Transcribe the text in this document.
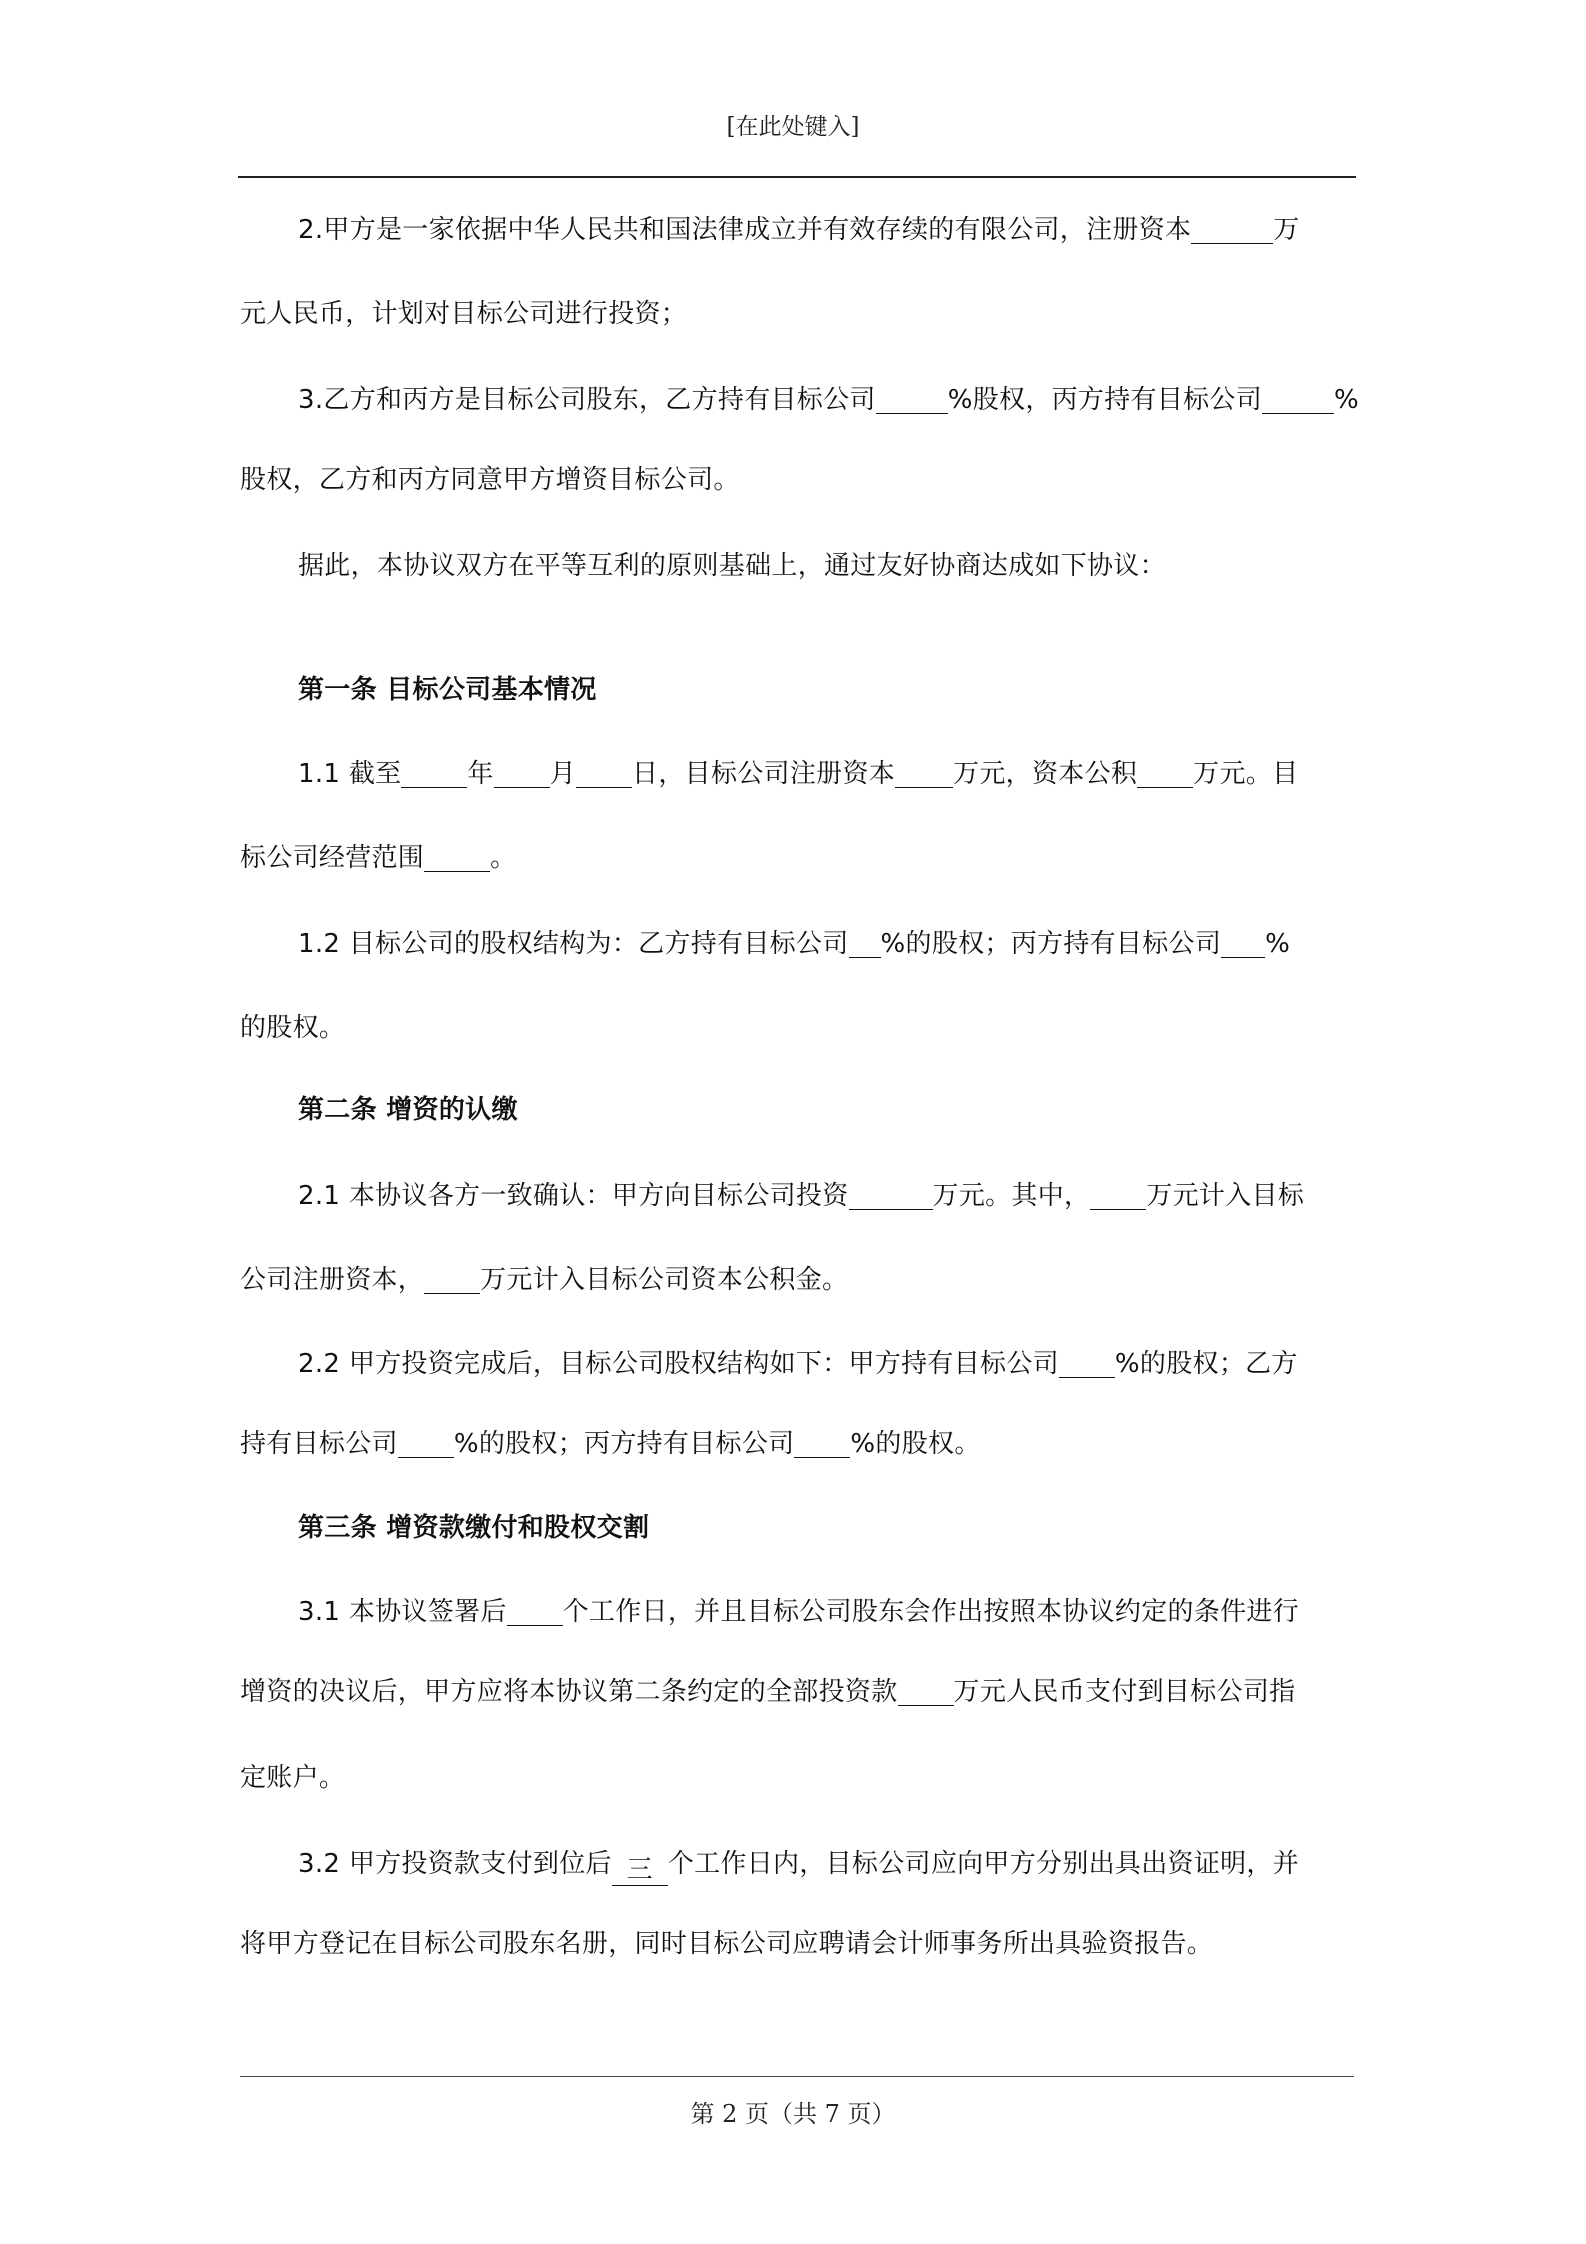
[在此处键入]
2.甲方是一家依据中华人民共和国法律成立并有效存续的有限公司，注册资本	万
元人民币，计划对目标公司进行投资；
3.乙方和丙方是目标公司股东，乙方持有目标公司	%股权，丙方持有目标公司	%
股权，乙方和丙方同意甲方增资目标公司。
据此，本协议双方在平等互利的原则基础上，通过友好协商达成如下协议：
第一条 目标公司基本情况
1.1 截至	年 月 日，目标公司注册资本 万元，资本公积 万元。目
标公司经营范围	。
1.2 目标公司的股权结构为：乙方持有目标公司 %的股权；丙方持有目标公司 %
的股权。
第二条 增资的认缴
2.1 本协议各方一致确认：甲方向目标公司投资	万元。其中， 万元计入目标
公司注册资本， 万元计入目标公司资本公积金。
2.2 甲方投资完成后，目标公司股权结构如下：甲方持有目标公司 %的股权；乙方
持有目标公司 %的股权；丙方持有目标公司 %的股权。
第三条 增资款缴付和股权交割
3.1 本协议签署后 个工作日，并且目标公司股东会作出按照本协议约定的条件进行
增资的决议后，甲方应将本协议第二条约定的全部投资款 万元人民币支付到目标公司指
定账户。
3.2 甲方投资款支付到位后 三 个工作日内，目标公司应向甲方分别出具出资证明，并
将甲方登记在目标公司股东名册，同时目标公司应聘请会计师事务所出具验资报告。
第 2 页（共 7 页）
